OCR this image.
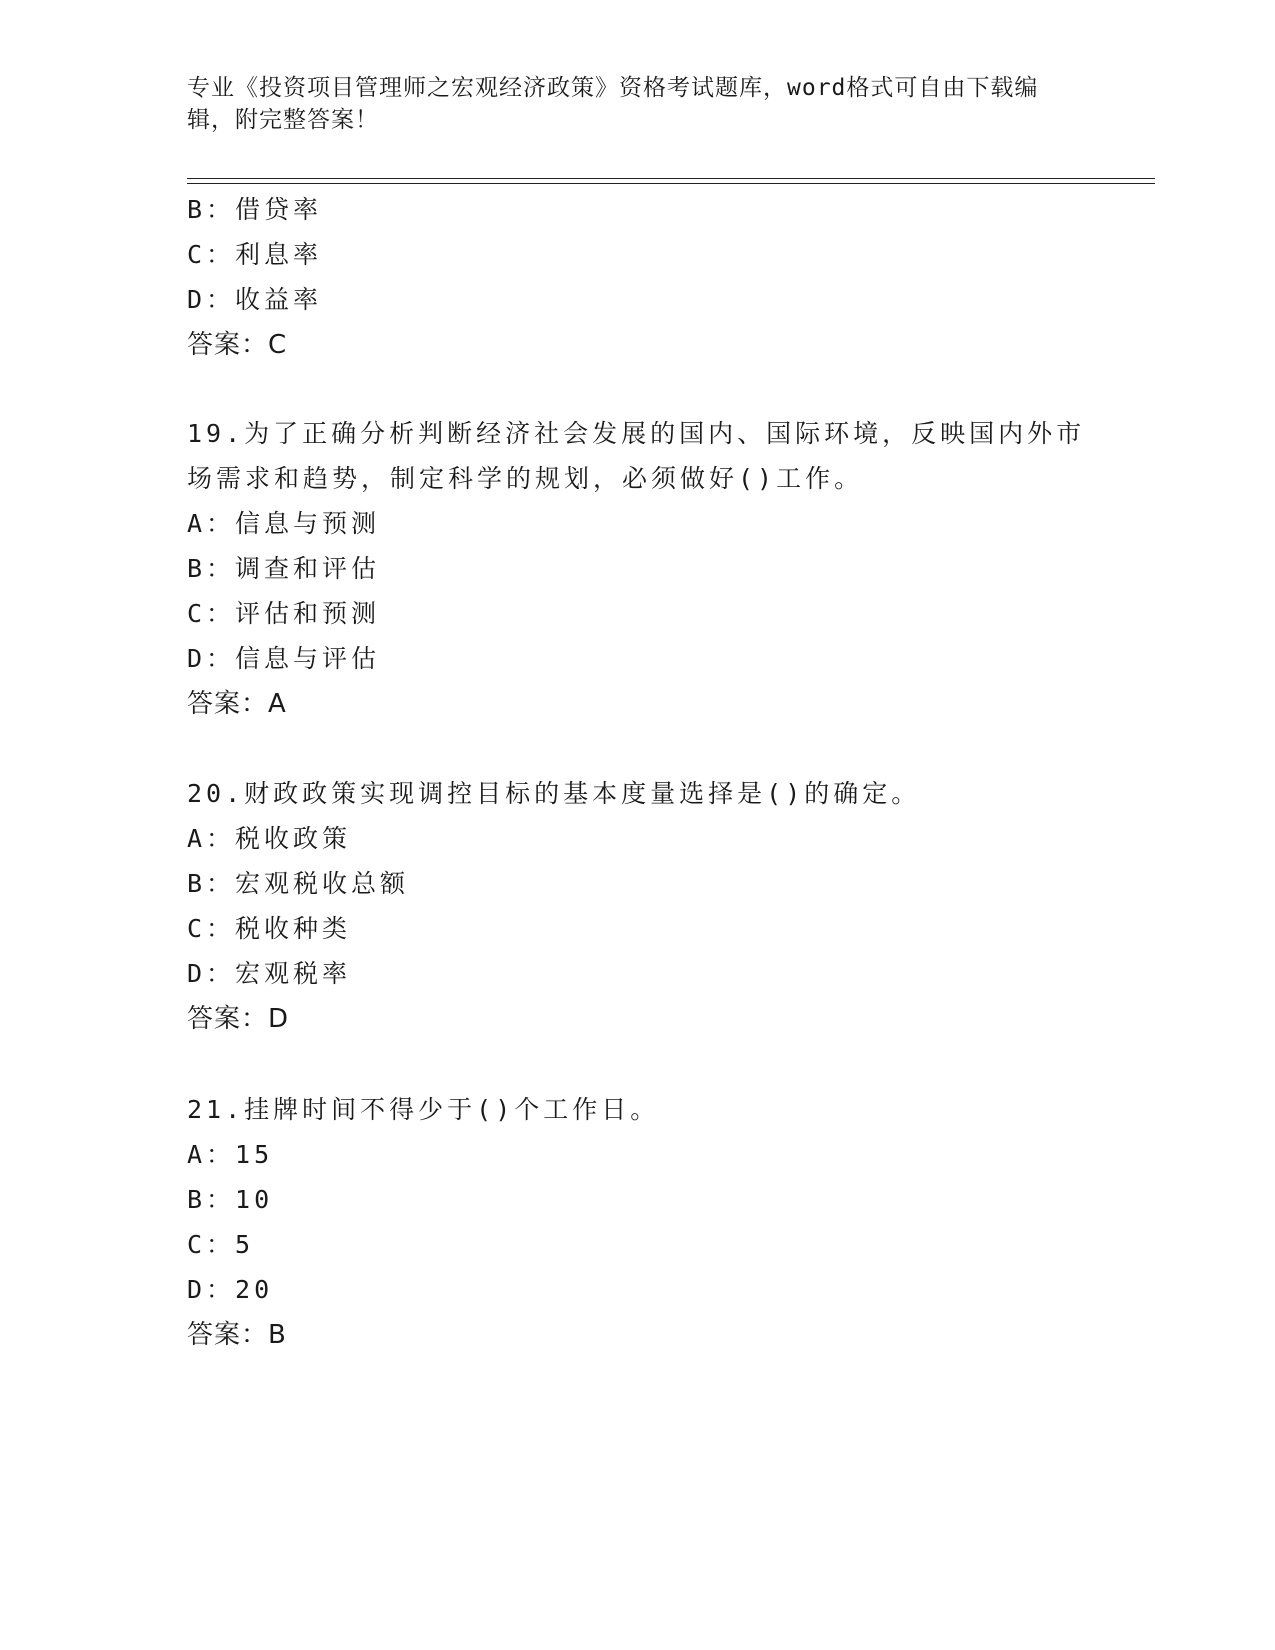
专业《投资项目管理师之宏观经济政策》资格考试题库，word格式可自由下载编
辑，附完整答案！
B：借贷率
C：利息率
D：收益率
答案：C
19.为了正确分析判断经济社会发展的国内、国际环境，反映国内外市
场需求和趋势，制定科学的规划，必须做好()工作。
A：信息与预测
B：调查和评估
C：评估和预测
D：信息与评估
答案：A
20.财政政策实现调控目标的基本度量选择是()的确定。
A：税收政策
B：宏观税收总额
C：税收种类
D：宏观税率
答案：D
21.挂牌时间不得少于()个工作日。
A：15
B：10
C：5
D：20
答案：B
